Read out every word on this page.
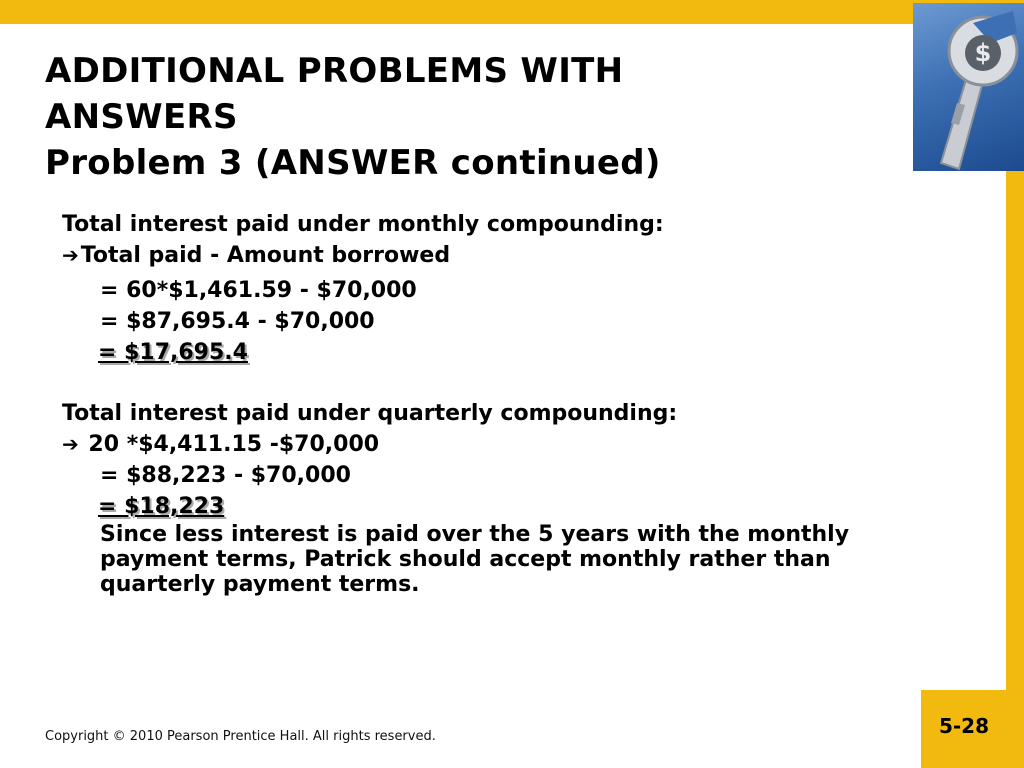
$
ADDITIONAL PROBLEMS WITH
ANSWERS
Problem 3 (ANSWER continued)
Total interest paid under monthly compounding:
➔Total paid - Amount borrowed
= 60*$1,461.59 - $70,000
= $87,695.4 - $70,000
= $17,695.4
Total interest paid under quarterly compounding:
➔ 20 *$4,411.15 -$70,000
= $88,223 - $70,000
= $18,223
Since less interest is paid over the 5 years with the monthly payment terms, Patrick should accept monthly rather than quarterly payment terms.
Copyright © 2010 Pearson Prentice Hall. All rights reserved.	5-28
